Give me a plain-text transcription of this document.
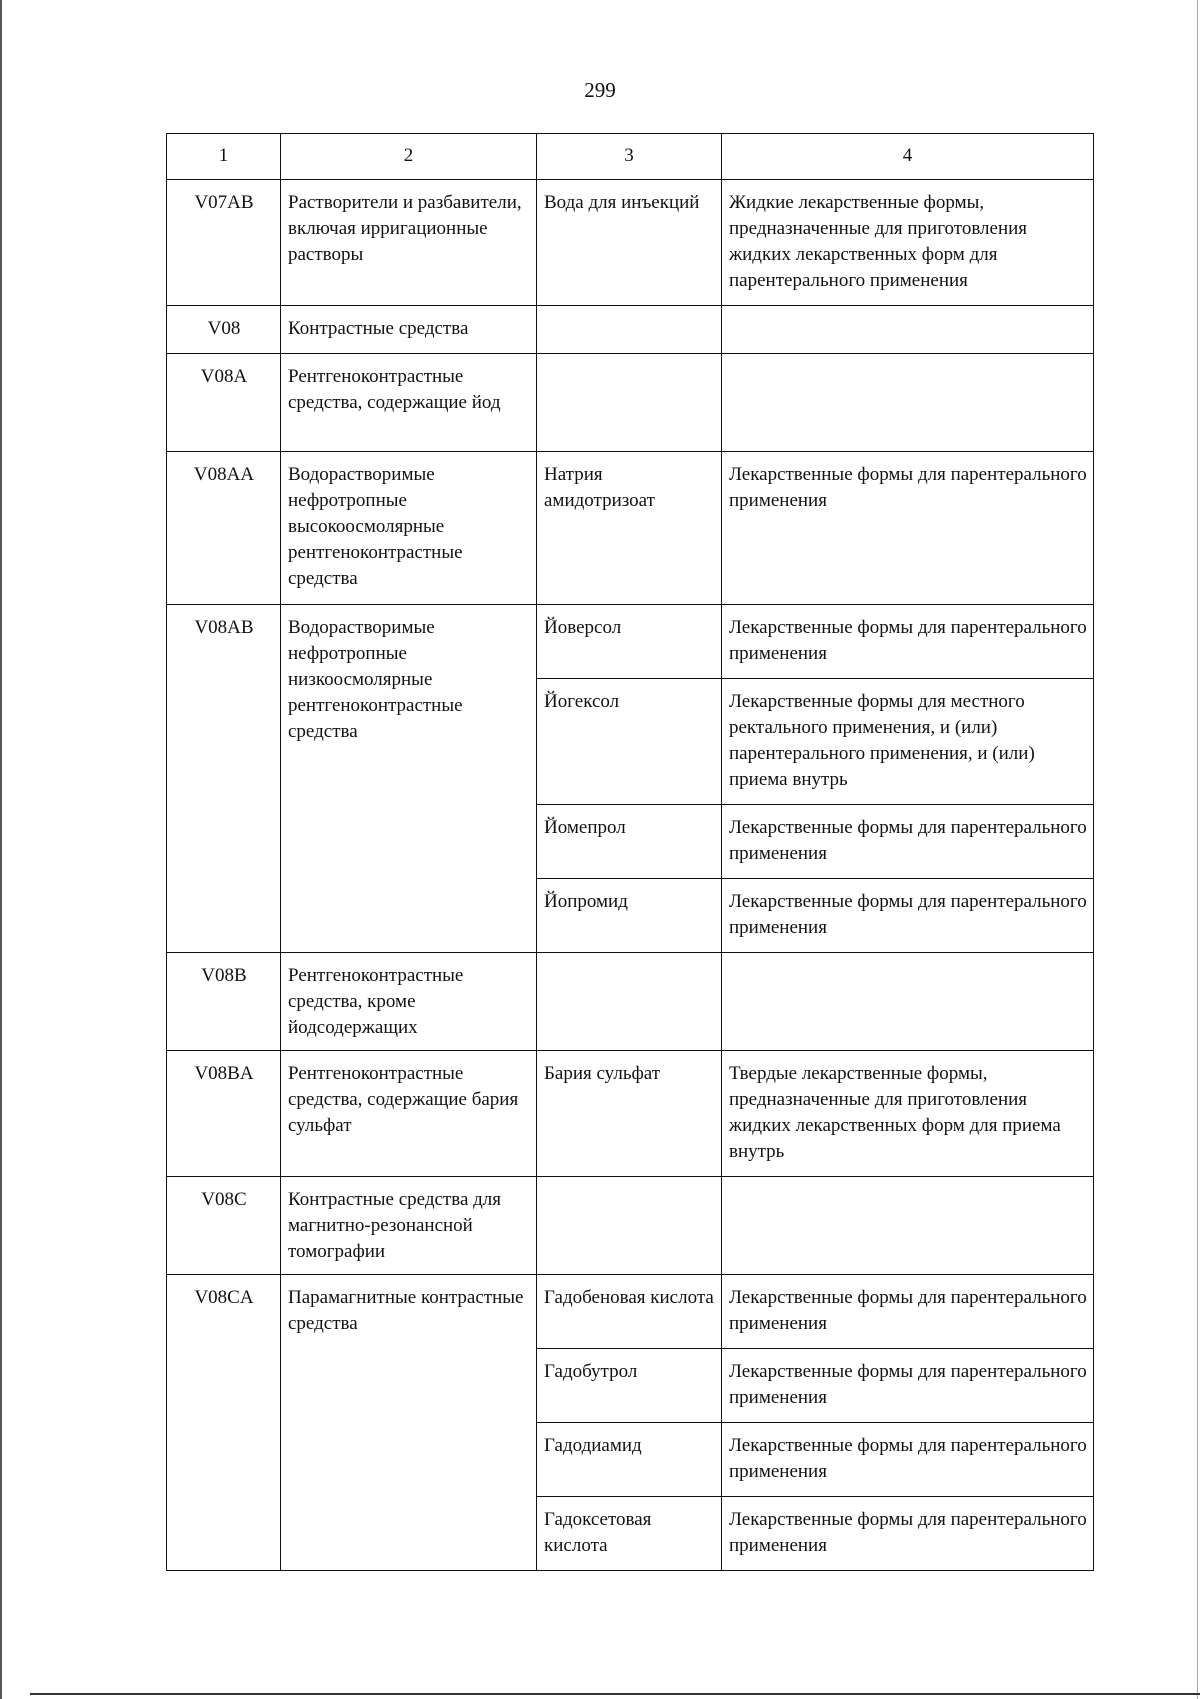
299
1	2	3	4
V07AB	Растворители и разбавители, включая ирригационные растворы	Вода для инъекций	Жидкие лекарственные формы, предназначенные для приготовления жидких лекарственных форм для парентерального применения
V08	Контрастные средства		
V08A	Рентгеноконтрастные средства, содержащие йод		
V08AA	Водорастворимые нефротропные высокоосмолярные рентгеноконтрастные средства	Натрия амидотризоат	Лекарственные формы для парентерального применения
V08AB	Водорастворимые нефротропные низкоосмолярные рентгеноконтрастные средства	Йоверсол	Лекарственные формы для парентерального применения
		Йогексол	Лекарственные формы для местного ректального применения, и (или) парентерального применения, и (или) приема внутрь
		Йомепрол	Лекарственные формы для парентерального применения
		Йопромид	Лекарственные формы для парентерального применения
V08B	Рентгеноконтрастные средства, кроме йодсодержащих		
V08BA	Рентгеноконтрастные средства, содержащие бария сульфат	Бария сульфат	Твердые лекарственные формы, предназначенные для приготовления жидких лекарственных форм для приема внутрь
V08C	Контрастные средства для магнитно-резонансной томографии		
V08CA	Парамагнитные контрастные средства	Гадобеновая кислота	Лекарственные формы для парентерального применения
		Гадобутрол	Лекарственные формы для парентерального применения
		Гадодиамид	Лекарственные формы для парентерального применения
		Гадоксетовая кислота	Лекарственные формы для парентерального применения
